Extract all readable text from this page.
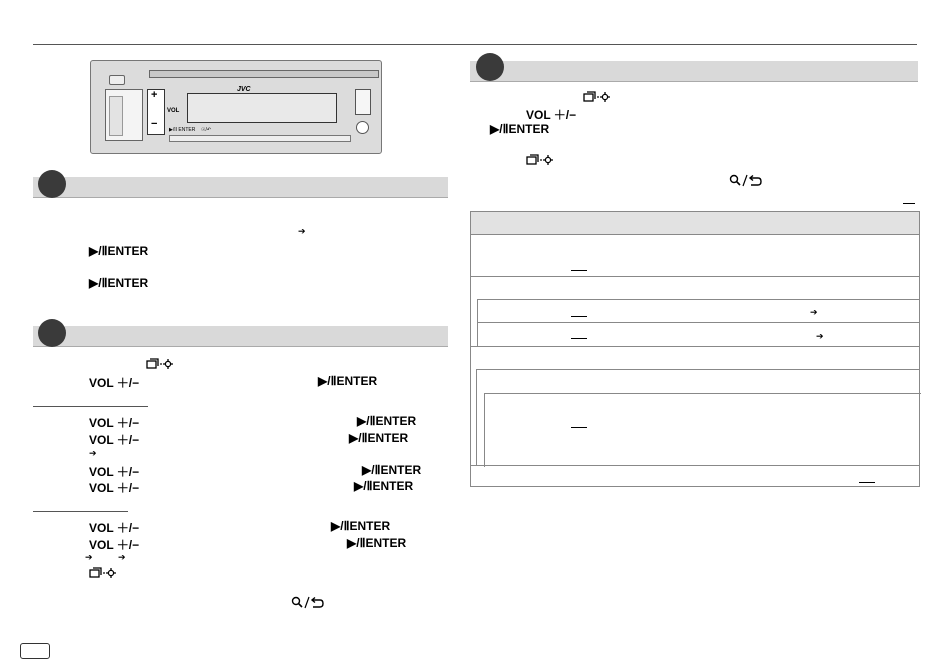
+
−
VOL
JVC
▶/II ENTER ☉/↶
➔
▶/ⅡENTER
▶/ⅡENTER
VOL ＋/−	▶/ⅡENTER
VOL ＋/−	▶/ⅡENTER
VOL ＋/−	▶/ⅡENTER
➔
VOL ＋/−	▶/ⅡENTER
VOL ＋/−	▶/ⅡENTER
VOL ＋/−	▶/ⅡENTER
VOL ＋/−	▶/ⅡENTER
➔	➔
VOL ＋/−
▶/ⅡENTER
➔
➔
